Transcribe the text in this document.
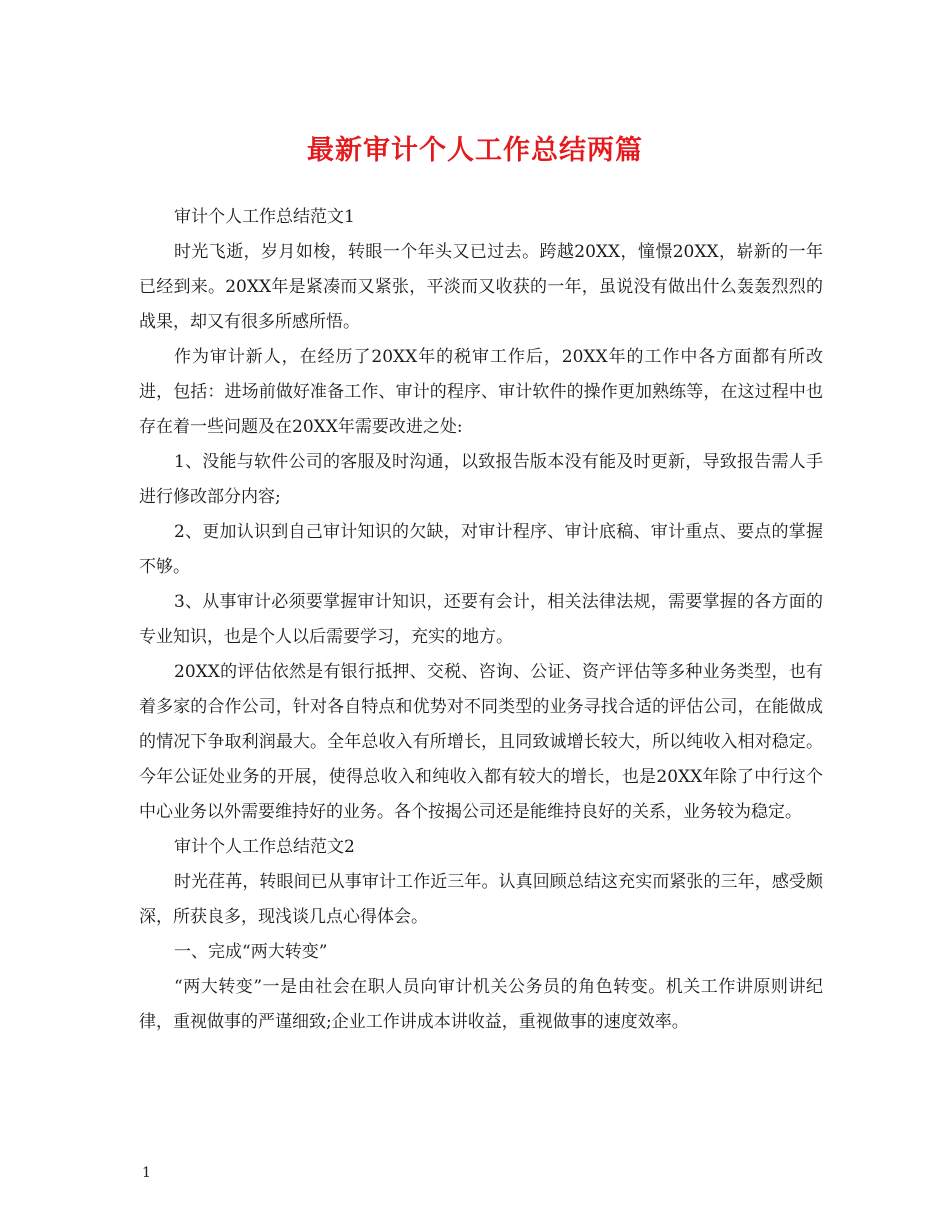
最新审计个人工作总结两篇

审计个人工作总结范文1

时光飞逝，岁月如梭，转眼一个年头又已过去。跨越20XX，憧憬20XX，崭新的一年已经到来。20XX年是紧凑而又紧张，平淡而又收获的一年，虽说没有做出什么轰轰烈烈的战果，却又有很多所感所悟。

作为审计新人，在经历了20XX年的税审工作后，20XX年的工作中各方面都有所改进，包括：进场前做好准备工作、审计的程序、审计软件的操作更加熟练等，在这过程中也存在着一些问题及在20XX年需要改进之处:

1、没能与软件公司的客服及时沟通，以致报告版本没有能及时更新，导致报告需人手进行修改部分内容;

2、更加认识到自己审计知识的欠缺，对审计程序、审计底稿、审计重点、要点的掌握不够。

3、从事审计必须要掌握审计知识，还要有会计，相关法律法规，需要掌握的各方面的专业知识，也是个人以后需要学习，充实的地方。

20XX的评估依然是有银行抵押、交税、咨询、公证、资产评估等多种业务类型，也有着多家的合作公司，针对各自特点和优势对不同类型的业务寻找合适的评估公司，在能做成的情况下争取利润最大。全年总收入有所增长，且同致诚增长较大，所以纯收入相对稳定。今年公证处业务的开展，使得总收入和纯收入都有较大的增长，也是20XX年除了中行这个中心业务以外需要维持好的业务。各个按揭公司还是能维持良好的关系，业务较为稳定。

审计个人工作总结范文2

时光荏苒，转眼间已从事审计工作近三年。认真回顾总结这充实而紧张的三年，感受颇深，所获良多，现浅谈几点心得体会。

一、完成“两大转变”

“两大转变”一是由社会在职人员向审计机关公务员的角色转变。机关工作讲原则讲纪律，重视做事的严谨细致;企业工作讲成本讲收益，重视做事的速度效率。

1
